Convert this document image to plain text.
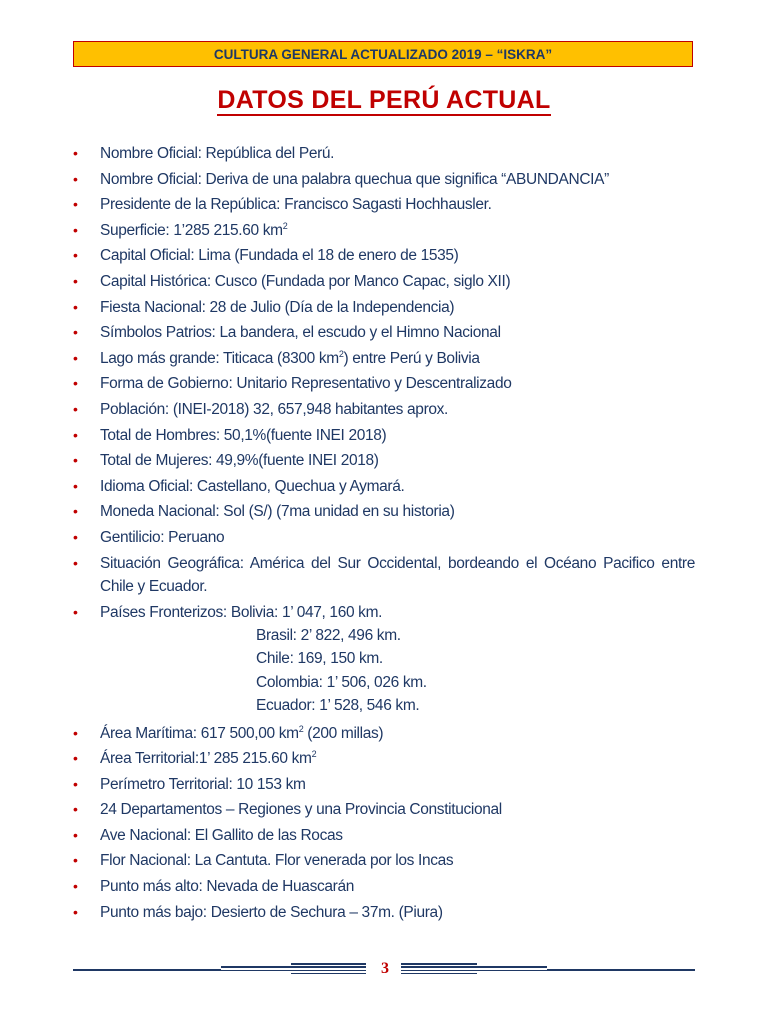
CULTURA GENERAL ACTUALIZADO 2019 – “ISKRA”
DATOS DEL PERÚ ACTUAL
• Nombre Oficial: República del Perú.
• Nombre Oficial: Deriva de una palabra quechua que significa “ABUNDANCIA”
• Presidente de la República: Francisco Sagasti Hochhausler.
• Superficie: 1’285 215.60 $km^2$
• Capital Oficial: Lima (Fundada el 18 de enero de 1535)
• Capital Histórica: Cusco (Fundada por Manco Capac, siglo XII)
• Fiesta Nacional: 28 de Julio (Día de la Independencia)
• Símbolos Patrios: La bandera, el escudo y el Himno Nacional
• Lago más grande: Titicaca (8300 $km^2$) entre Perú y Bolivia
• Forma de Gobierno: Unitario Representativo y Descentralizado
• Población: (INEI-2018) 32, 657,948 habitantes aprox.
• Total de Hombres: 50,1%(fuente INEI 2018)
• Total de Mujeres: 49,9%(fuente INEI 2018)
• Idioma Oficial: Castellano, Quechua y Aymará.
• Moneda Nacional: Sol (S/) (7ma unidad en su historia)
• Gentilicio: Peruano
• Situación Geográfica: América del Sur Occidental, bordeando el Océano Pacifico entre Chile y Ecuador.
• Países Fronterizos: Bolivia: 1’ 047, 160 km.
Brasil: 2’ 822, 496 km.
Chile: 169, 150 km.
Colombia: 1’ 506, 026 km.
Ecuador: 1’ 528, 546 km.
• Área Marítima: 617 500,00 $km^2$ (200 millas)
• Área Territorial:1’ 285 215.60 $km^2$
• Perímetro Territorial: 10 153 km
• 24 Departamentos – Regiones y una Provincia Constitucional
• Ave Nacional: El Gallito de las Rocas
• Flor Nacional: La Cantuta. Flor venerada por los Incas
• Punto más alto: Nevada de Huascarán
• Punto más bajo: Desierto de Sechura – 37m. (Piura)
3
